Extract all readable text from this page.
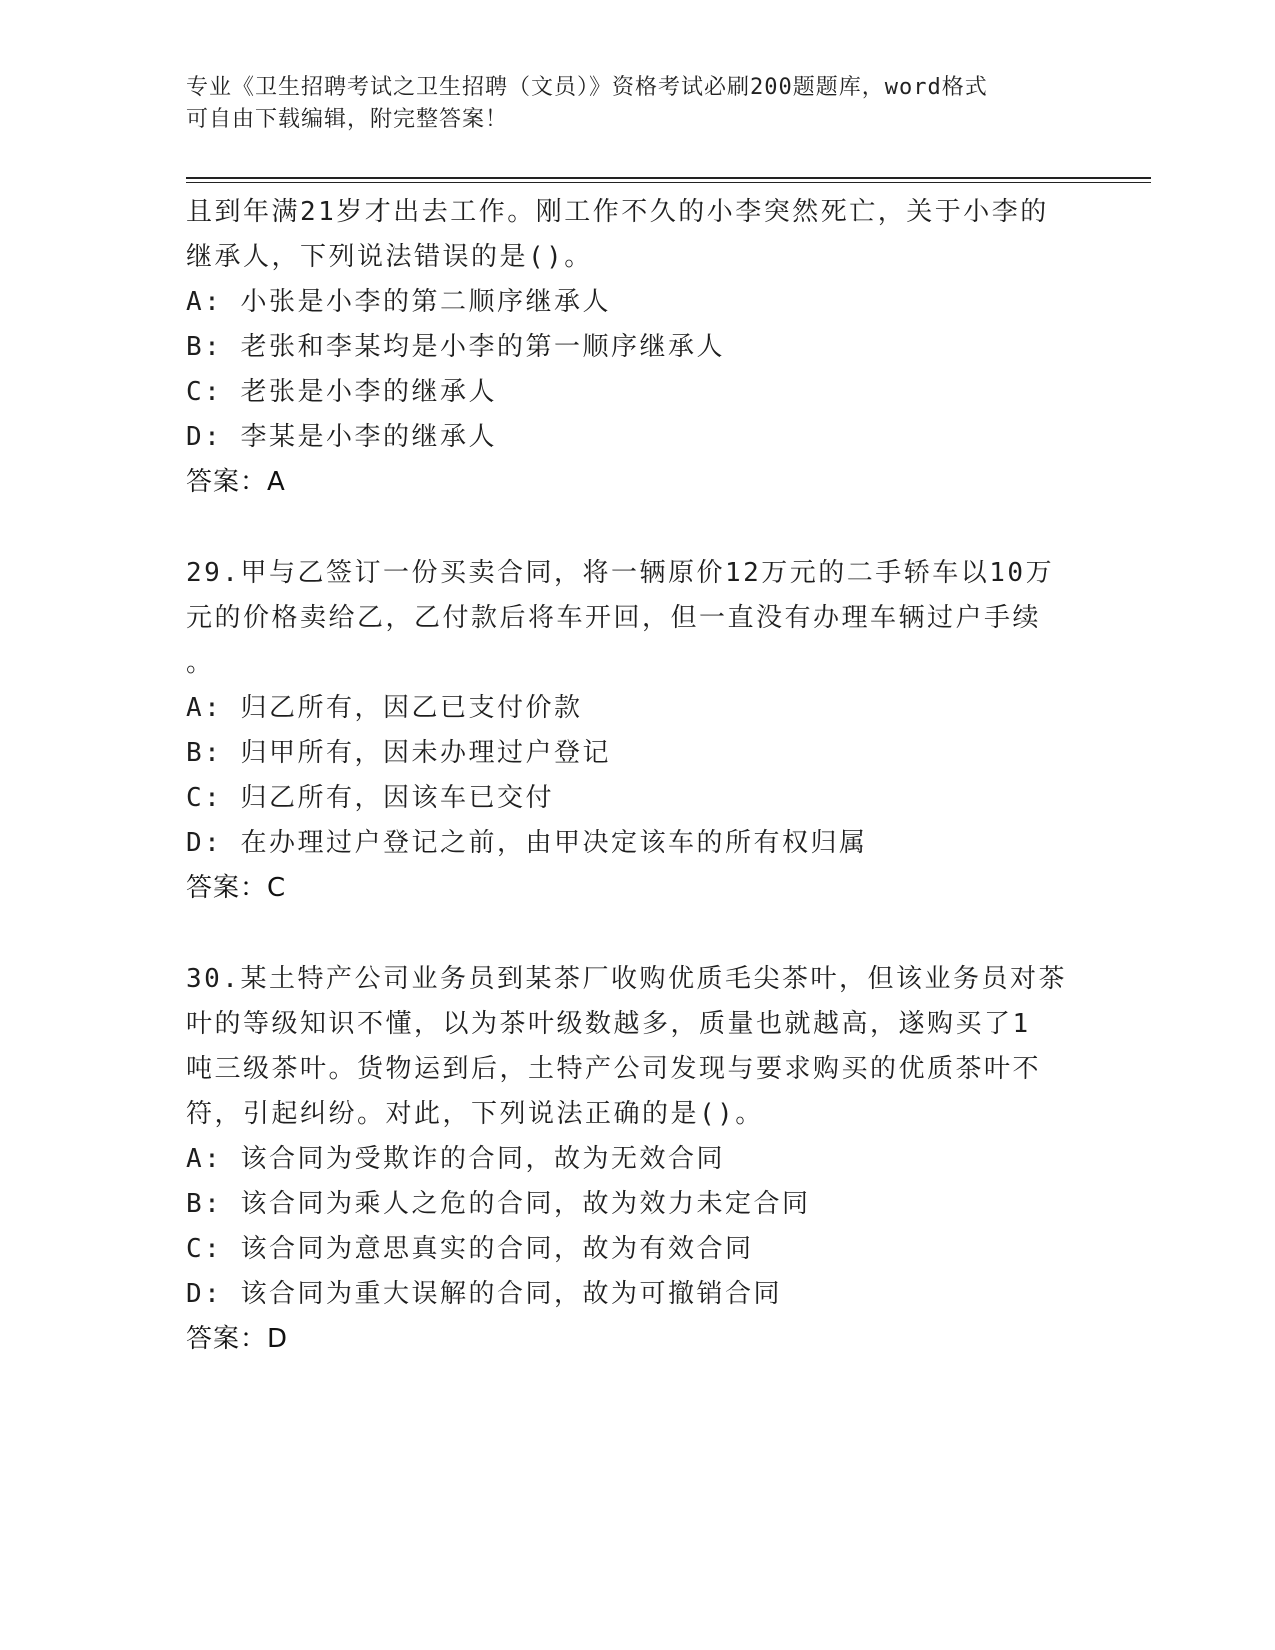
专业《卫生招聘考试之卫生招聘（文员）》资格考试必刷200题题库，word格式
可自由下载编辑，附完整答案！
且到年满21岁才出去工作。刚工作不久的小李突然死亡，关于小李的
继承人，下列说法错误的是()。
A: 小张是小李的第二顺序继承人
B: 老张和李某均是小李的第一顺序继承人
C: 老张是小李的继承人
D: 李某是小李的继承人
答案：A
29.甲与乙签订一份买卖合同，将一辆原价12万元的二手轿车以10万
元的价格卖给乙，乙付款后将车开回，但一直没有办理车辆过户手续
。
A: 归乙所有，因乙已支付价款
B: 归甲所有，因未办理过户登记
C: 归乙所有，因该车已交付
D: 在办理过户登记之前，由甲决定该车的所有权归属
答案：C
30.某土特产公司业务员到某茶厂收购优质毛尖茶叶，但该业务员对茶
叶的等级知识不懂，以为茶叶级数越多，质量也就越高，遂购买了1
吨三级茶叶。货物运到后，土特产公司发现与要求购买的优质茶叶不
符，引起纠纷。对此，下列说法正确的是()。
A: 该合同为受欺诈的合同，故为无效合同
B: 该合同为乘人之危的合同，故为效力未定合同
C: 该合同为意思真实的合同，故为有效合同
D: 该合同为重大误解的合同，故为可撤销合同
答案：D
